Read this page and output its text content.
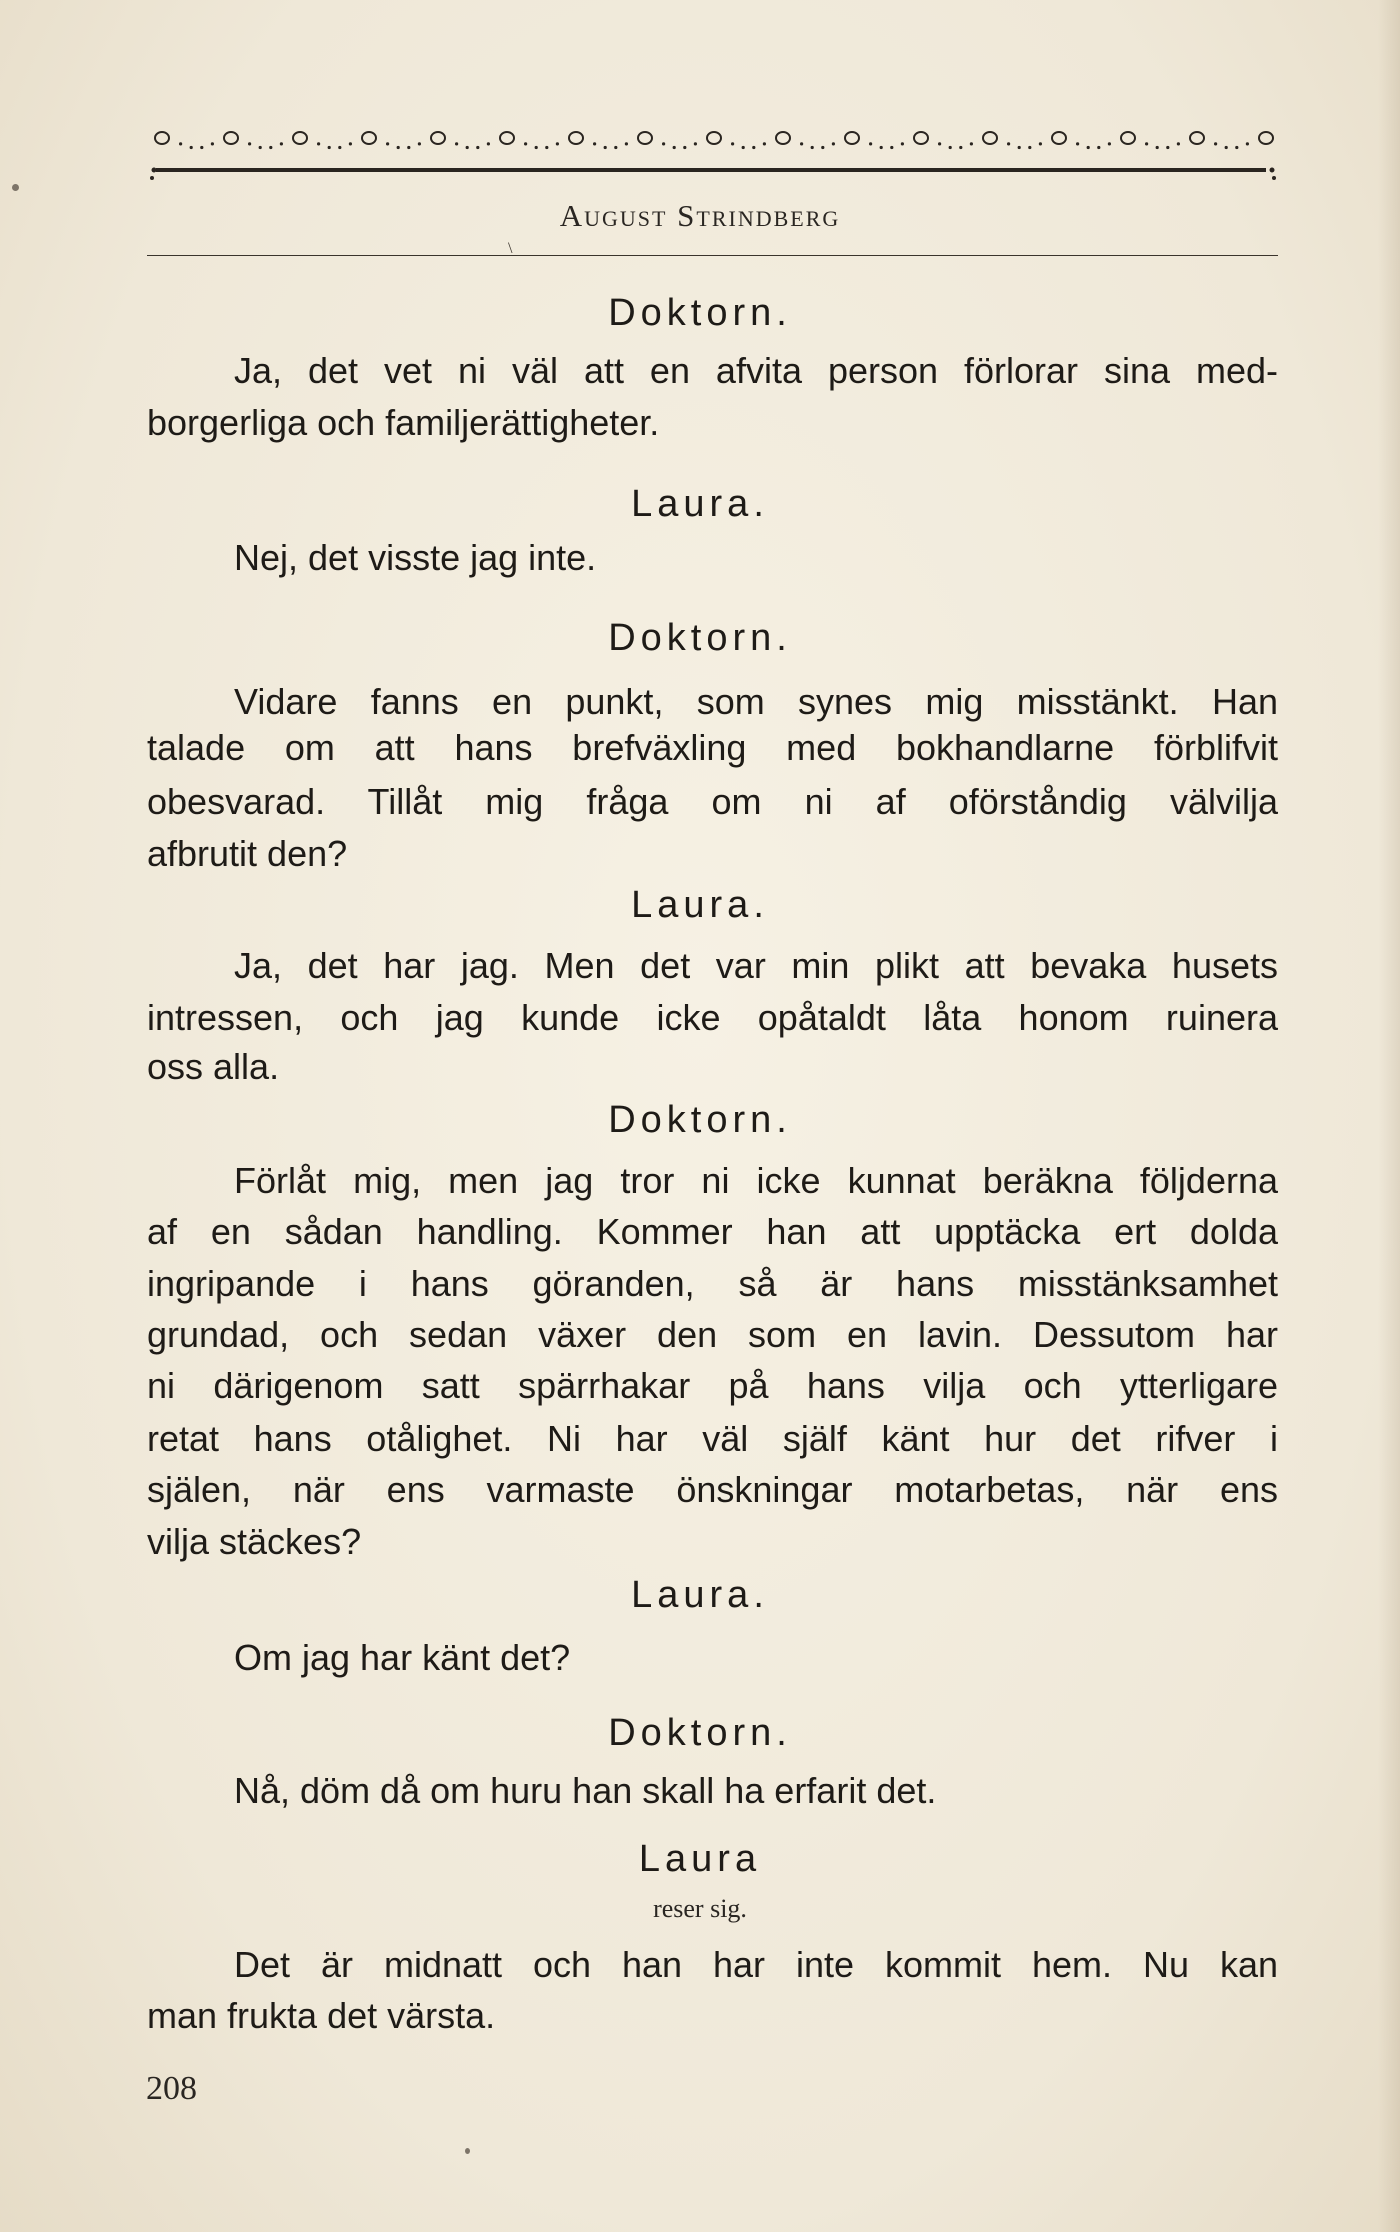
August Strindberg
\
Doktorn.
Ja, det vet ni väl att en afvita person förlorar sina med-
borgerliga och familjerättigheter.
Laura.
Nej, det visste jag inte.
Doktorn.
Vidare fanns en punkt, som synes mig misstänkt. Han
talade om att hans brefväxling med bokhandlarne förblifvit
obesvarad. Tillåt mig fråga om ni af oförståndig välvilja
afbrutit den?
Laura.
Ja, det har jag. Men det var min plikt att bevaka husets
intressen, och jag kunde icke opåtaldt låta honom ruinera
oss alla.
Doktorn.
Förlåt mig, men jag tror ni icke kunnat beräkna följderna
af en sådan handling. Kommer han att upptäcka ert dolda
ingripande i hans göranden, så är hans misstänksamhet
grundad, och sedan växer den som en lavin. Dessutom har
ni därigenom satt spärrhakar på hans vilja och ytterligare
retat hans otålighet. Ni har väl själf känt hur det rifver i
själen, när ens varmaste önskningar motarbetas, när ens
vilja stäckes?
Laura.
Om jag har känt det?
Doktorn.
Nå, döm då om huru han skall ha erfarit det.
Laura
reser sig.
Det är midnatt och han har inte kommit hem. Nu kan
man frukta det värsta.
208
